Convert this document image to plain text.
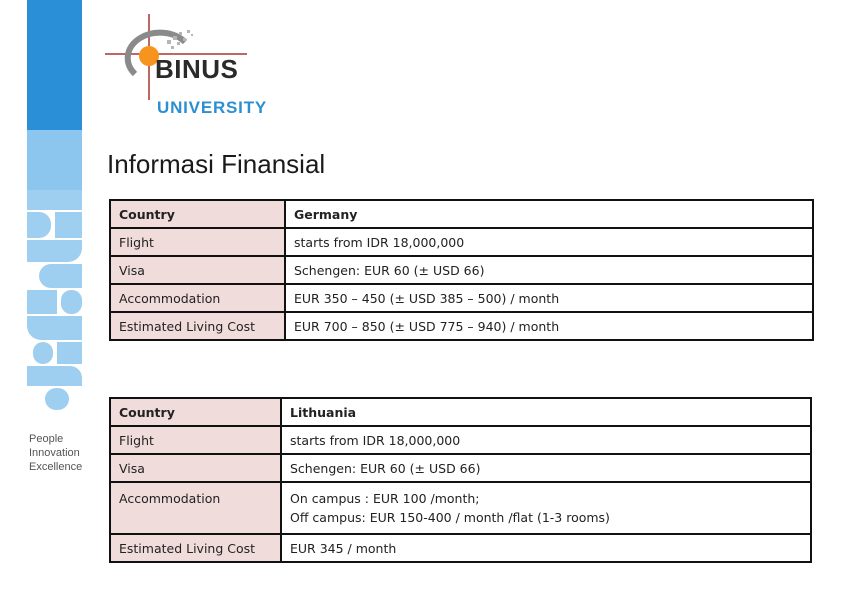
People
Innovation
Excellence
BINUS
UNIVERSITY
Informasi Finansial
Country	Germany
Flight	starts from IDR 18,000,000
Visa	Schengen: EUR 60 (± USD 66)
Accommodation	EUR 350 – 450 (± USD 385 – 500) / month
Estimated Living Cost	EUR 700 – 850 (± USD 775 – 940) / month
Country	Lithuania
Flight	starts from IDR 18,000,000
Visa	Schengen: EUR 60 (± USD 66)
Accommodation	On campus : EUR 100 /month;
Off campus: EUR 150-400 / month /flat (1-3 rooms)

Estimated Living Cost	EUR 345 / month
